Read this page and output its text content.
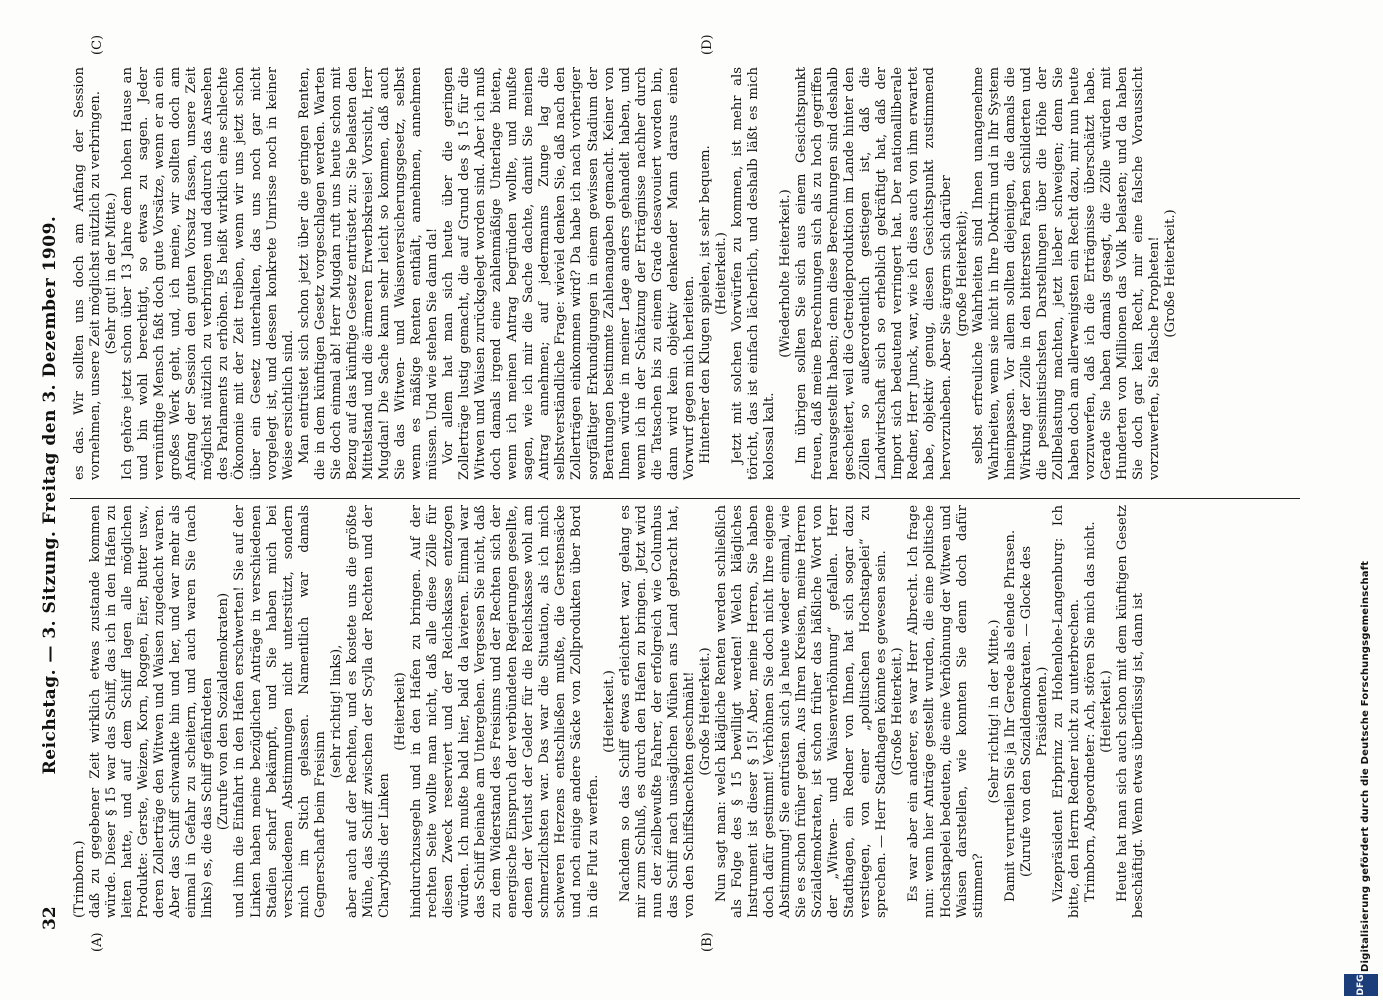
32
Reichstag. — 3. Sitzung. Freitag den 3. Dezember 1909.
(A)	(B)
(C)	(D)

(Trimborn.) daß zu gegebener Zeit wirklich etwas zustande kommen würde. Dieser § 15 war das Schiff, das ich in den Hafen zu leiten hatte, und auf dem Schiff lagen alle möglichen Produkte: Gerste, Weizen, Korn, Roggen, Eier, Butter usw., deren Zollerträge den Witwen und Waisen zugedacht waren. Aber das Schiff schwankte hin und her, und war mehr als einmal in Gefahr zu scheitern, und auch waren Sie (nach links) es, die das Schiff gefährdeten (Zurufe von den Sozialdemokraten) und ihm die Einfahrt in den Hafen erschwerten! Sie auf der Linken haben meine bezüglichen Anträge in verschiedenen Stadien scharf bekämpft, und Sie haben mich bei verschiedenen Abstimmungen nicht unterstützt, sondern mich im Stich gelassen. Namentlich war damals Gegnerschaft beim Freisinn

(sehr richtig! links), aber auch auf der Rechten, und es kostete uns die größte Mühe, das Schiff zwischen der Scylla der Rechten und der Charybdis der Linken

(Heiterkeit) hindurchzusegeln und in den Hafen zu bringen. Auf der rechten Seite wollte man nicht, daß alle diese Zölle für diesen Zweck reserviert und der Reichskasse entzogen würden. Ich mußte bald hier, bald da lavieren. Einmal war das Schiff beinahe am Untergehen. Vergessen Sie nicht, daß zu dem Widerstand des Freisinns und der Rechten sich der energische Einspruch der verbündeten Regierungen gesellte, denen der Verlust der Gelder für die Reichskasse wohl am schmerzlichsten war. Das war die Situation, als ich mich schweren Herzens entschließen mußte, die Gerstensäcke und noch einige andere Säcke von Zollprodukten über Bord in die Flut zu werfen.

(Heiterkeit.) Nachdem so das Schiff etwas erleichtert war, gelang es mir zum Schluß, es durch den Hafen zu bringen. Jetzt wird nun der zielbewußte Fahrer, der erfolgreich wie Columbus das Schiff nach unsäglichen Mühen ans Land gebracht hat, von den Schiffsknechten geschmäht! (Große Heiterkeit.) Nun sagt man: welch klägliche Renten werden schließlich als Folge des § 15 bewilligt werden! Welch klägliches Instrument ist dieser § 15! Aber, meine Herren, Sie haben doch dafür gestimmt! Verhöhnen Sie doch nicht Ihre eigene Abstimmung! Sie entrüsten sich ja heute wieder einmal, wie Sie es schon früher getan. Aus Ihren Kreisen, meine Herren Sozialdemokraten, ist schon früher das häßliche Wort von der „Witwen- und Waisenverhöhnung“ gefallen. Herr Stadthagen, ein Redner von Ihnen, hat sich sogar dazu verstiegen, von einer „politischen Hochstapelei“ zu sprechen. — Herr Stadthagen könnte es gewesen sein. (Große Heiterkeit.) Es war aber ein anderer, es war Herr Albrecht. Ich frage nun: wenn hier Anträge gestellt wurden, die eine politische Hochstapelei bedeuten, die eine Verhöhnung der Witwen und Waisen darstellen, wie konnten Sie denn doch dafür stimmen?

(Sehr richtig! in der Mitte.) Damit verurteilen Sie ja Ihr Gerede als elende Phrasen. (Zurufe von den Sozialdemokraten. — Glocke des Präsidenten.) Vizepräsident Erbprinz zu Hohenlohe-Langenburg: Ich bitte, den Herrn Redner nicht zu unterbrechen. Trimborn, Abgeordneter: Ach, stören Sie mich das nicht. (Heiterkeit.) Heute hat man sich auch schon mit dem künftigen Gesetz beschäftigt. Wenn etwas überflüssig ist, dann ist

es das. Wir sollten uns doch am Anfang der Session vornehmen, unsere Zeit möglichst nützlich zu verbringen. (Sehr gut! in der Mitte.) Ich gehöre jetzt schon über 13 Jahre dem hohen Hause an und bin wohl berechtigt, so etwas zu sagen. Jeder vernünftige Mensch faßt doch gute Vorsätze, wenn er an ein großes Werk geht, und, ich meine, wir sollten doch am Anfang der Session den guten Vorsatz fassen, unsere Zeit möglichst nützlich zu verbringen und dadurch das Ansehen des Parlaments zu erhöhen. Es heißt wirklich eine schlechte Ökonomie mit der Zeit treiben, wenn wir uns jetzt schon über ein Gesetz unterhalten, das uns noch gar nicht vorgelegt ist, und dessen konkrete Umrisse noch in keiner Weise ersichtlich sind. Man entrüstet sich schon jetzt über die geringen Renten, die in dem künftigen Gesetz vorgeschlagen werden. Warten Sie doch einmal ab! Herr Mugdan ruft uns heute schon mit Bezug auf das künftige Gesetz entrüstet zu: Sie belasten den Mittelstand und die ärmeren Erwerbskreise! Vorsicht, Herr Mugdan! Die Sache kann sehr leicht so kommen, daß auch Sie das Witwen- und Waisenversicherungsgesetz, selbst wenn es mäßige Renten enthält, annehmen, annehmen müssen. Und wie stehen Sie dann da! Vor allem hat man sich heute über die geringen Zollerträge lustig gemacht, die auf Grund des § 15 für die Witwen und Waisen zurückgelegt worden sind. Aber ich muß doch damals irgend eine zahlenmäßige Unterlage bieten, wenn ich meinen Antrag begründen wollte, und mußte sagen, wie ich mir die Sache dachte, damit Sie meinen Antrag annehmen; auf jedermanns Zunge lag die selbstverständliche Frage: wieviel denken Sie, daß nach den Zollerträgen einkommen wird? Da habe ich nach vorheriger sorgfältiger Erkundigungen in einem gewissen Stadium der Beratungen bestimmte Zahlenangaben gemacht. Keiner von Ihnen würde in meiner Lage anders gehandelt haben, und wenn ich in der Schätzung der Erträgnisse nachher durch die Tatsachen bis zu einem Grade desavouiert worden bin, dann wird kein objektiv denkender Mann daraus einen Vorwurf gegen mich herleiten. Hinterher den Klugen spielen, ist sehr bequem. (Heiterkeit.) Jetzt mit solchen Vorwürfen zu kommen, ist mehr als töricht, das ist einfach lächerlich, und deshalb läßt es mich kolossal kalt.

(Wiederholte Heiterkeit.) Im übrigen sollten Sie sich aus einem Gesichtspunkt freuen, daß meine Berechnungen sich als zu hoch gegriffen herausgestellt haben; denn diese Berechnungen sind deshalb gescheitert, weil die Getreideproduktion im Lande hinter den Zöllen so außerordentlich gestiegen ist, daß die Landwirtschaft sich so erheblich gekräftigt hat, daß der Import sich bedeutend verringert hat. Der nationalliberale Redner, Herr Junck, war, wie ich dies auch von ihm erwartet habe, objektiv genug, diesen Gesichtspunkt zustimmend hervorzuheben. Aber Sie ärgern sich darüber (große Heiterkeit); selbst erfreuliche Wahrheiten sind Ihnen unangenehme Wahrheiten, wenn sie nicht in Ihre Doktrin und in Ihr System hineinpassen. Vor allem sollten diejenigen, die damals die Wirkung der Zölle in den bittersten Farben schilderten und die pessimistischsten Darstellungen über die Höhe der Zollbelastung machten, jetzt lieber schweigen; denn Sie haben doch am allerwenigsten ein Recht dazu, mir nun heute vorzuwerfen, daß ich die Erträgnisse überschätzt habe. Gerade Sie haben damals gesagt, die Zölle würden mit Hunderten von Millionen das Volk belasten; und da haben Sie doch gar kein Recht, mir eine falsche Voraussicht vorzuwerfen, Sie falsche Propheten! (Große Heiterkeit.)

DFG
Digitalisierung gefördert durch die Deutsche Forschungsgemeinschaft
